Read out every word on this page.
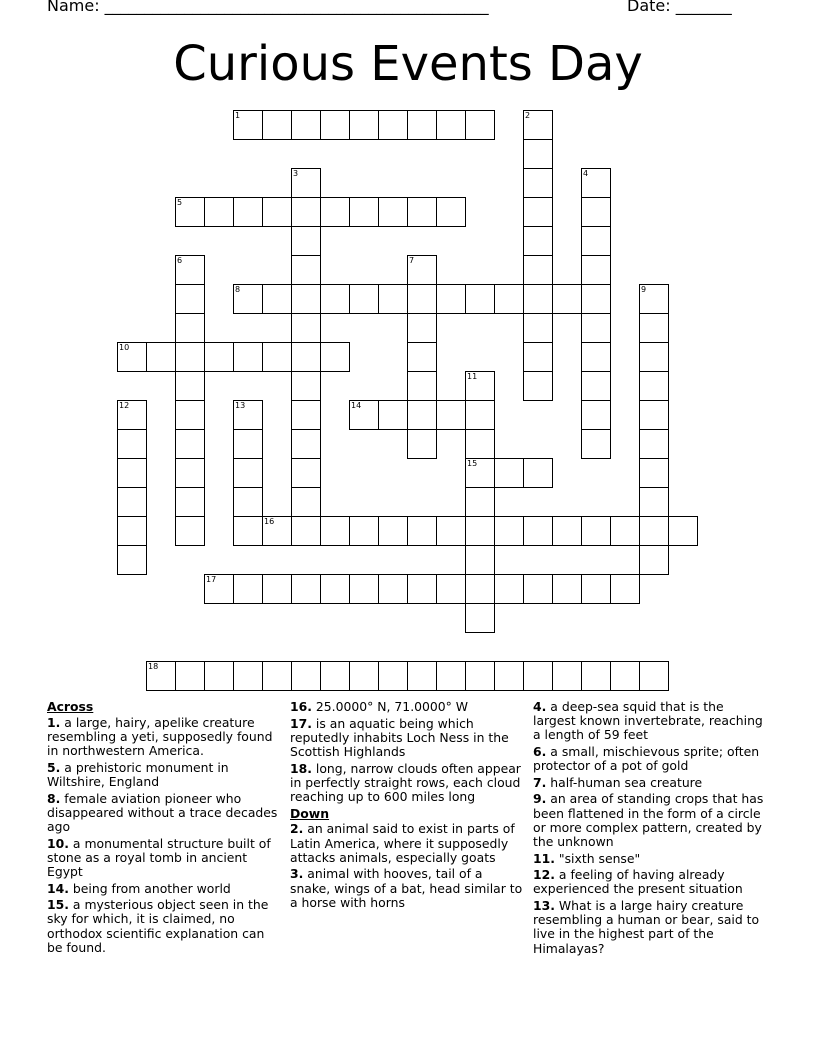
Name: ________________________________________________	Date: _______
Curious Events Day
1	2
3	4
5
6	7
8	9
10
11
15
12	13	14
16
17
18

Across

1. a large, hairy, apelike creature resembling a yeti, supposedly found in northwestern America.

5. a prehistoric monument in Wiltshire, England

8. female aviation pioneer who disappeared without a trace decades ago

10. a monumental structure built of stone as a royal tomb in ancient Egypt

14. being from another world

15. a mysterious object seen in the sky for which, it is claimed, no orthodox scientific explanation can be found.

16. 25.0000° N, 71.0000° W

17. is an aquatic being which reputedly inhabits Loch Ness in the Scottish Highlands

18. long, narrow clouds often appear in perfectly straight rows, each cloud reaching up to 600 miles long

Down

2. an animal said to exist in parts of Latin America, where it supposedly attacks animals, especially goats

3. animal with hooves, tail of a snake, wings of a bat, head similar to a horse with horns

4. a deep-sea squid that is the largest known invertebrate, reaching a length of 59 feet

6. a small, mischievous sprite; often protector of a pot of gold

7. half-human sea creature

9. an area of standing crops that has been flattened in the form of a circle or more complex pattern, created by the unknown

11. "sixth sense"

12. a feeling of having already experienced the present situation

13. What is a large hairy creature resembling a human or bear, said to live in the highest part of the Himalayas?
